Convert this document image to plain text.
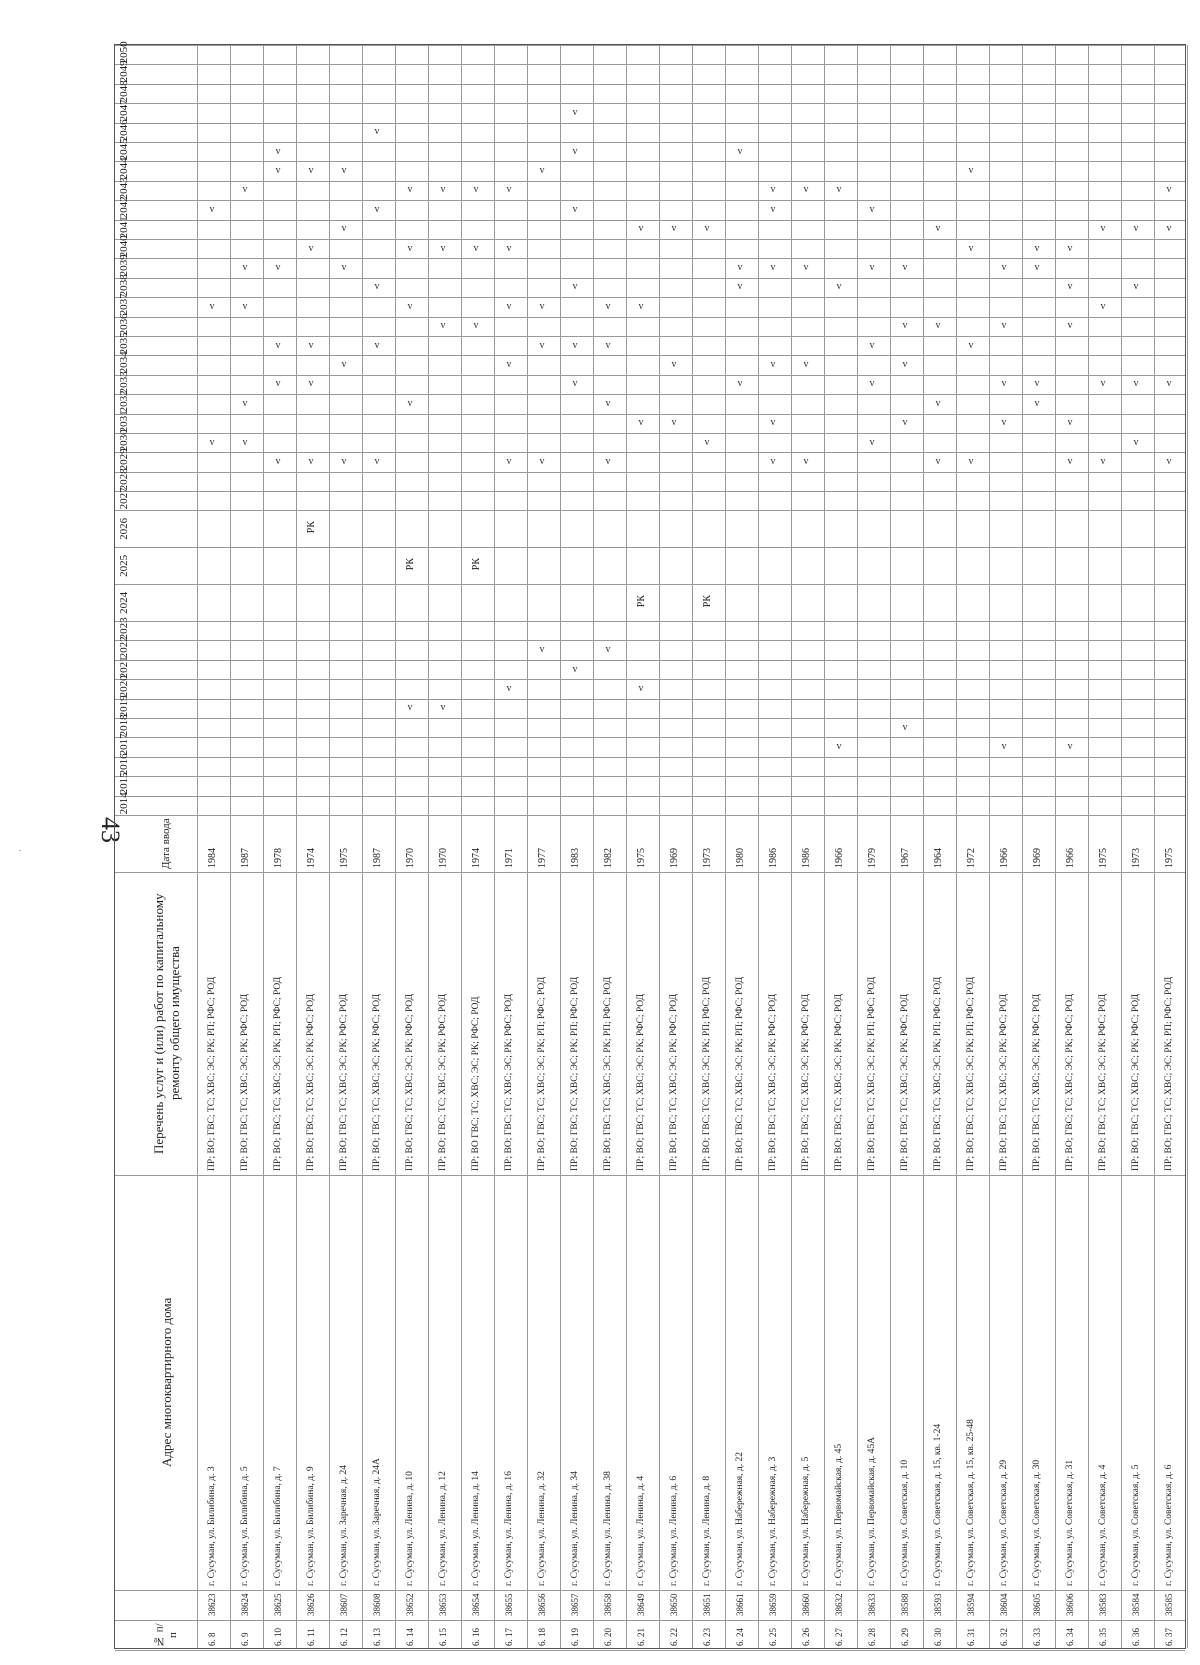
·
43
2014
2015
2016
2017
2018
2019
2020
2021
2022
2023
2024
2025
2026
2027
2028
2029
2030
2031
2032
2033
2034
2035
2036
2037
2038
2039
2040
2041
2042
2043
2044
2045
2046
2047
2048
2049
2050
№ п/п
Адрес многоквартирного дома
Перечень услуг и (или) работ по капитальному ремонту общего имущества
Дата ввода
6. 8
38623
г. Сусуман, ул. Билибина, д. 3
ПР; ВО; ГВС; ТС; ХВС; ЭС; РК; РП; РФС; РОД
1984
v
v
v
6. 9
38624
г. Сусуман, ул. Билибина, д. 5
ПР; ВО; ГВС; ТС; ХВС; ЭС; РК; РФС; РОД
1987
v
v
v
v
v
6. 10
38625
г. Сусуман, ул. Билибина, д. 7
ПР; ВО; ГВС; ТС; ХВС; ЭС; РК; РП; РФС; РОД
1978
v
v
v
v
v
v
6. 11
38626
г. Сусуман, ул. Билибина, д. 9
ПР; ВО; ГВС; ТС; ХВС; ЭС; РК; РФС; РОД
1974
v
v
v
v
v
РК
6. 12
38607
г. Сусуман, ул. Заречная, д. 24
ПР; ВО; ГВС; ТС; ХВС; ЭС; РК; РФС; РОД
1975
v
v
v
v
v
6. 13
38608
г. Сусуман, ул. Заречная, д. 24А
ПР; ВО; ГВС; ТС; ХВС; ЭС; РК; РФС; РОД
1987
v
v
v
v
v
6. 14
38652
г. Сусуман, ул. Ленина, д. 10
ПР; ВО; ГВС; ТС; ХВС; ЭС; РК; РФС; РОД
1970
v
v
v
v
v
РК
6. 15
38653
г. Сусуман, ул. Ленина, д. 12
ПР; ВО; ГВС; ТС; ХВС; ЭС; РК; РФС; РОД
1970
v
v
v
v
6. 16
38654
г. Сусуман, ул. Ленина, д. 14
ПР; ВО ГВС; ТС; ХВС; ЭС; РК; РФС; РОД
1974
v
v
v
РК
6. 17
38655
г. Сусуман, ул. Ленина, д. 16
ПР; ВО; ГВС; ТС; ХВС; ЭС; РК; РФС; РОД
1971
v
v
v
v
v
v
6. 18
38656
г. Сусуман, ул. Ленина, д. 32
ПР; ВО; ГВС; ТС; ХВС; ЭС; РК; РП; РФС; РОД
1977
v
v
v
v
v
6. 19
38657
г. Сусуман, ул. Ленина, д. 34
ПР; ВО; ГВС; ТС; ХВС; ЭС; РК; РП; РФС; РОД
1983
v
v
v
v
v
v
v
6. 20
38658
г. Сусуман, ул. Ленина, д. 38
ПР; ВО; ГВС; ТС; ХВС; ЭС; РК; РП; РФС; РОД
1982
v
v
v
v
v
6. 21
38649
г. Сусуман, ул. Ленина, д. 4
ПР; ВО; ГВС; ТС; ХВС; ЭС; РК; РФС; РОД
1975
v
v
v
v
РК
6. 22
38650
г. Сусуман, ул. Ленина, д. 6
ПР; ВО; ГВС; ТС; ХВС; ЭС; РК; РФС; РОД
1969
v
v
v
6. 23
38651
г. Сусуман, ул. Ленина, д. 8
ПР; ВО; ГВС; ТС; ХВС; ЭС; РК; РП; РФС; РОД
1973
v
v
РК
6. 24
38661
г. Сусуман, ул. Набережная, д. 22
ПР; ВО; ГВС; ТС; ХВС; ЭС; РК; РП; РФС; РОД
1980
v
v
v
v
6. 25
38659
г. Сусуман, ул. Набережная, д. 3
ПР; ВО; ГВС; ТС; ХВС; ЭС; РК; РФС; РОД
1986
v
v
v
v
v
v
6. 26
38660
г. Сусуман, ул. Набережная, д. 5
ПР; ВО; ГВС; ТС; ХВС; ЭС; РК; РФС; РОД
1986
v
v
v
v
6. 27
38632
г. Сусуман, ул. Первомайская, д. 45
ПР; ВО; ГВС; ТС; ХВС; ЭС; РК; РФС; РОД
1966
v
v
v
6. 28
38633
г. Сусуман, ул. Первомайская, д. 45А
ПР; ВО; ГВС; ТС; ХВС; ЭС; РК; РП; РФС; РОД
1979
v
v
v
v
v
6. 29
38588
г. Сусуман, ул. Советская, д. 10
ПР; ВО; ГВС; ТС; ХВС; ЭС; РК; РФС; РОД
1967
v
v
v
v
v
6. 30
38593
г. Сусуман, ул. Советская, д. 15, кв. 1-24
ПР; ВО; ГВС; ТС; ХВС; ЭС; РК; РП; РФС; РОД
1964
v
v
v
v
6. 31
38594
г. Сусуман, ул. Советская, д. 15, кв. 25-48
ПР; ВО; ГВС; ТС; ХВС; ЭС; РК; РП; РФС; РОД
1972
v
v
v
v
6. 32
38604
г. Сусуман, ул. Советская, д. 29
ПР; ВО; ГВС; ТС; ХВС; ЭС; РК; РФС; РОД
1966
v
v
v
v
v
6. 33
38605
г. Сусуман, ул. Советская, д. 30
ПР; ВО; ГВС; ТС; ХВС; ЭС; РК; РФС; РОД
1969
v
v
v
v
6. 34
38606
г. Сусуман, ул. Советская, д. 31
ПР; ВО; ГВС; ТС; ХВС; ЭС; РК; РФС; РОД
1966
v
v
v
v
v
v
6. 35
38583
г. Сусуман, ул. Советская, д. 4
ПР; ВО; ГВС; ТС; ХВС; ЭС; РК; РФС; РОД
1975
v
v
v
v
6. 36
38584
г. Сусуман, ул. Советская, д. 5
ПР; ВО; ГВС; ТС; ХВС; ЭС; РК; РФС; РОД
1973
v
v
v
v
6. 37
38585
г. Сусуман, ул. Советская, д. 6
ПР; ВО; ГВС; ТС; ХВС; ЭС; РК; РП; РФС; РОД
1975
v
v
v
v
